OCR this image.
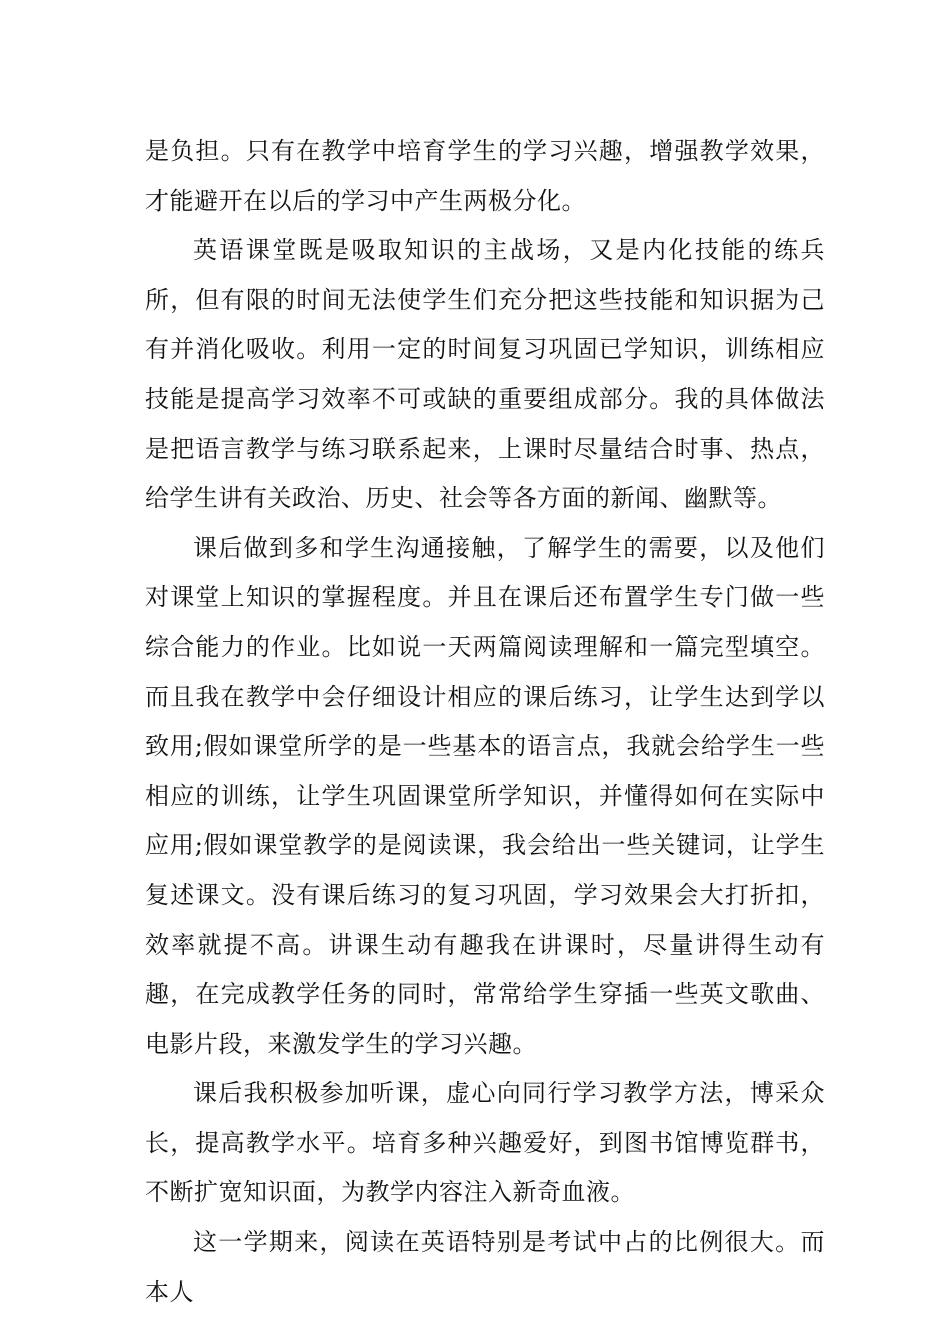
是负担。只有在教学中培育学生的学习兴趣，增强教学效果，才能避开在以后的学习中产生两极分化。

英语课堂既是吸取知识的主战场，又是内化技能的练兵所，但有限的时间无法使学生们充分把这些技能和知识据为己有并消化吸收。利用一定的时间复习巩固已学知识，训练相应技能是提高学习效率不可或缺的重要组成部分。我的具体做法是把语言教学与练习联系起来，上课时尽量结合时事、热点，给学生讲有关政治、历史、社会等各方面的新闻、幽默等。

课后做到多和学生沟通接触，了解学生的需要，以及他们对课堂上知识的掌握程度。并且在课后还布置学生专门做一些综合能力的作业。比如说一天两篇阅读理解和一篇完型填空。而且我在教学中会仔细设计相应的课后练习，让学生达到学以致用;假如课堂所学的是一些基本的语言点，我就会给学生一些相应的训练，让学生巩固课堂所学知识，并懂得如何在实际中应用;假如课堂教学的是阅读课，我会给出一些关键词，让学生复述课文。没有课后练习的复习巩固，学习效果会大打折扣，效率就提不高。讲课生动有趣我在讲课时，尽量讲得生动有趣，在完成教学任务的同时，常常给学生穿插一些英文歌曲、电影片段，来激发学生的学习兴趣。

课后我积极参加听课，虚心向同行学习教学方法，博采众长，提高教学水平。培育多种兴趣爱好，到图书馆博览群书，不断扩宽知识面，为教学内容注入新奇血液。

这一学期来，阅读在英语特别是考试中占的比例很大。而本人
